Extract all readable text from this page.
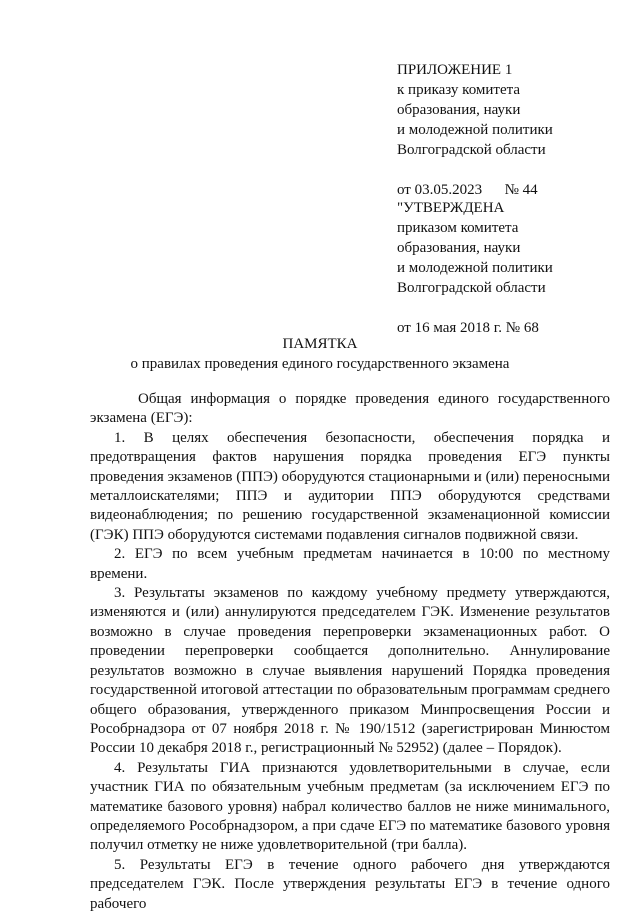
ПРИЛОЖЕНИЕ 1
к приказу комитета
образования, науки
и молодежной политики
Волгоградской области
от 03.05.2023      № 44
"УТВЕРЖДЕНА
приказом комитета
образования, науки
и молодежной политики
Волгоградской области
от 16 мая 2018 г. № 68
ПАМЯТКА
о правилах проведения единого государственного экзамена

Общая информация о порядке проведения единого государственного экзамена (ЕГЭ):

1. В целях обеспечения безопасности, обеспечения порядка и предотвращения фактов нарушения порядка проведения ЕГЭ пункты проведения экзаменов (ППЭ) оборудуются стационарными и (или) переносными металлоискателями; ППЭ и аудитории ППЭ оборудуются средствами видеонаблюдения; по решению государственной экзаменационной комиссии (ГЭК) ППЭ оборудуются системами подавления сигналов подвижной связи.

2. ЕГЭ по всем учебным предметам начинается в 10:00 по местному времени.

3. Результаты экзаменов по каждому учебному предмету утверждаются, изменяются и (или) аннулируются председателем ГЭК. Изменение результатов возможно в случае проведения перепроверки экзаменационных работ. О проведении перепроверки сообщается дополнительно. Аннулирование результатов возможно в случае выявления нарушений Порядка проведения государственной итоговой аттестации по образовательным программам среднего общего образования, утвержденного приказом Минпросвещения России и Рособрнадзора от 07 ноября 2018 г. № 190/1512 (зарегистрирован Минюстом России 10 декабря 2018 г., регистрационный № 52952) (далее – Порядок).

4. Результаты ГИА признаются удовлетворительными в случае, если участник ГИА по обязательным учебным предметам (за исключением ЕГЭ по математике базового уровня) набрал количество баллов не ниже минимального, определяемого Рособрнадзором, а при сдаче ЕГЭ по математике базового уровня получил отметку не ниже удовлетворительной (три балла).

5. Результаты ЕГЭ в течение одного рабочего дня утверждаются председателем ГЭК. После утверждения результаты ЕГЭ в течение одного рабочего
